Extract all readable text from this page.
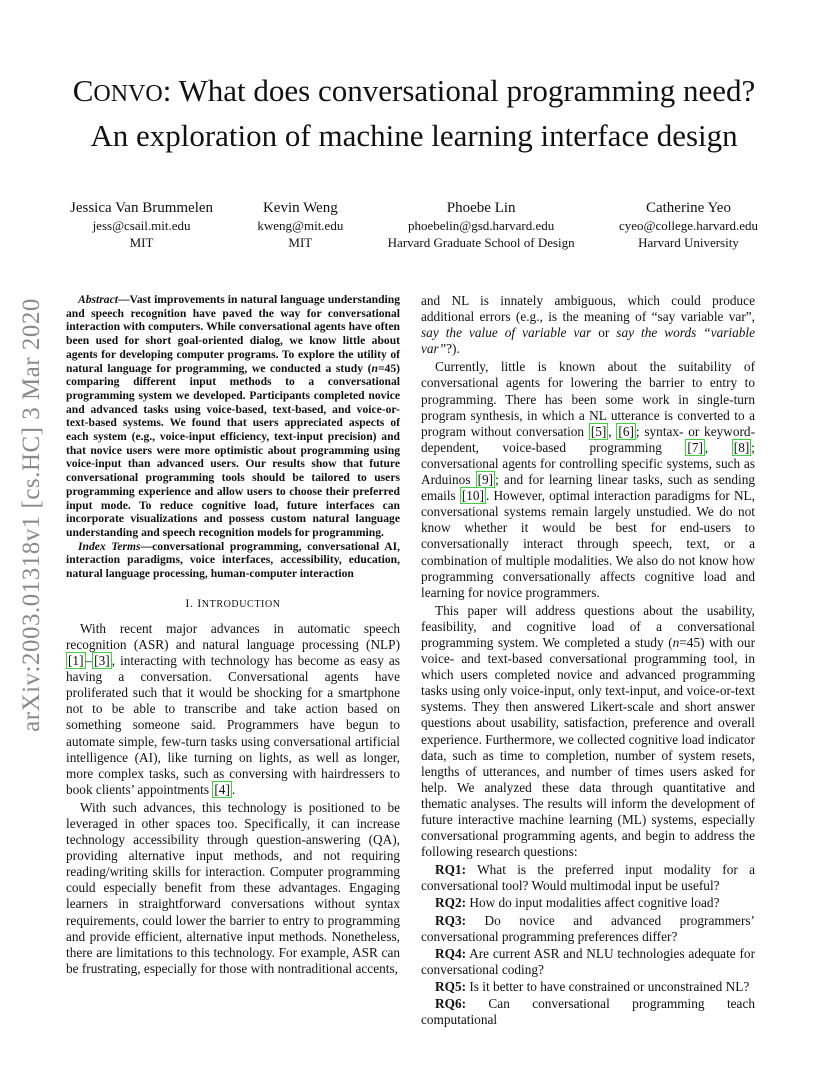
arXiv:2003.01318v1 [cs.HC] 3 Mar 2020
CONVO: What does conversational programming need? An exploration of machine learning interface design
Jessica Van Brummelen
jess@csail.mit.edu
MIT
Kevin Weng
kweng@mit.edu
MIT
Phoebe Lin
phoebelin@gsd.harvard.edu
Harvard Graduate School of Design
Catherine Yeo
cyeo@college.harvard.edu
Harvard University
Abstract—Vast improvements in natural language understanding and speech recognition have paved the way for conversational interaction with computers. While conversational agents have often been used for short goal-oriented dialog, we know little about agents for developing computer programs. To explore the utility of natural language for programming, we conducted a study (n=45) comparing different input methods to a conversational programming system we developed. Participants completed novice and advanced tasks using voice-based, text-based, and voice-or-text-based systems. We found that users appreciated aspects of each system (e.g., voice-input efficiency, text-input precision) and that novice users were more optimistic about programming using voice-input than advanced users. Our results show that future conversational programming tools should be tailored to users programming experience and allow users to choose their preferred input mode. To reduce cognitive load, future interfaces can incorporate visualizations and possess custom natural language understanding and speech recognition models for programming.
Index Terms—conversational programming, conversational AI, interaction paradigms, voice interfaces, accessibility, education, natural language processing, human-computer interaction
I. INTRODUCTION

With recent major advances in automatic speech recognition (ASR) and natural language processing (NLP) [1] – [3] , interacting with technology has become as easy as having a conversation. Conversational agents have proliferated such that it would be shocking for a smartphone not to be able to transcribe and take action based on something someone said. Programmers have begun to automate simple, few-turn tasks using conversational artificial intelligence (AI), like turning on lights, as well as longer, more complex tasks, such as conversing with hairdressers to book clients’ appointments [4] .

With such advances, this technology is positioned to be leveraged in other spaces too. Specifically, it can increase technology accessibility through question-answering (QA), providing alternative input methods, and not requiring reading/writing skills for interaction. Computer programming could especially benefit from these advantages. Engaging learners in straightforward conversations without syntax requirements, could lower the barrier to entry to programming and provide efficient, alternative input methods. Nonetheless, there are limitations to this technology. For example, ASR can be frustrating, especially for those with nontraditional accents,

and NL is innately ambiguous, which could produce additional errors (e.g., is the meaning of “say variable var”, say the value of variable var or say the words “variable var”?).

Currently, little is known about the suitability of conversational agents for lowering the barrier to entry to programming. There has been some work in single-turn program synthesis, in which a NL utterance is converted to a program without conversation [5] , [6] ; syntax- or keyword-dependent, voice-based programming [7] , [8] ; conversational agents for controlling specific systems, such as Arduinos [9] ; and for learning linear tasks, such as sending emails [10] . However, optimal interaction paradigms for NL, conversational systems remain largely unstudied. We do not know whether it would be best for end-users to conversationally interact through speech, text, or a combination of multiple modalities. We also do not know how programming conversationally affects cognitive load and learning for novice programmers.

This paper will address questions about the usability, feasibility, and cognitive load of a conversational programming system. We completed a study (n=45) with our voice- and text-based conversational programming tool, in which users completed novice and advanced programming tasks using only voice-input, only text-input, and voice-or-text systems. They then answered Likert-scale and short answer questions about usability, satisfaction, preference and overall experience. Furthermore, we collected cognitive load indicator data, such as time to completion, number of system resets, lengths of utterances, and number of times users asked for help. We analyzed these data through quantitative and thematic analyses. The results will inform the development of future interactive machine learning (ML) systems, especially conversational programming agents, and begin to address the following research questions:

RQ1: What is the preferred input modality for a conversational tool? Would multimodal input be useful?

RQ2: How do input modalities affect cognitive load?

RQ3: Do novice and advanced programmers’ conversational programming preferences differ?

RQ4: Are current ASR and NLU technologies adequate for conversational coding?

RQ5: Is it better to have constrained or unconstrained NL?

RQ6: Can conversational programming teach computational
